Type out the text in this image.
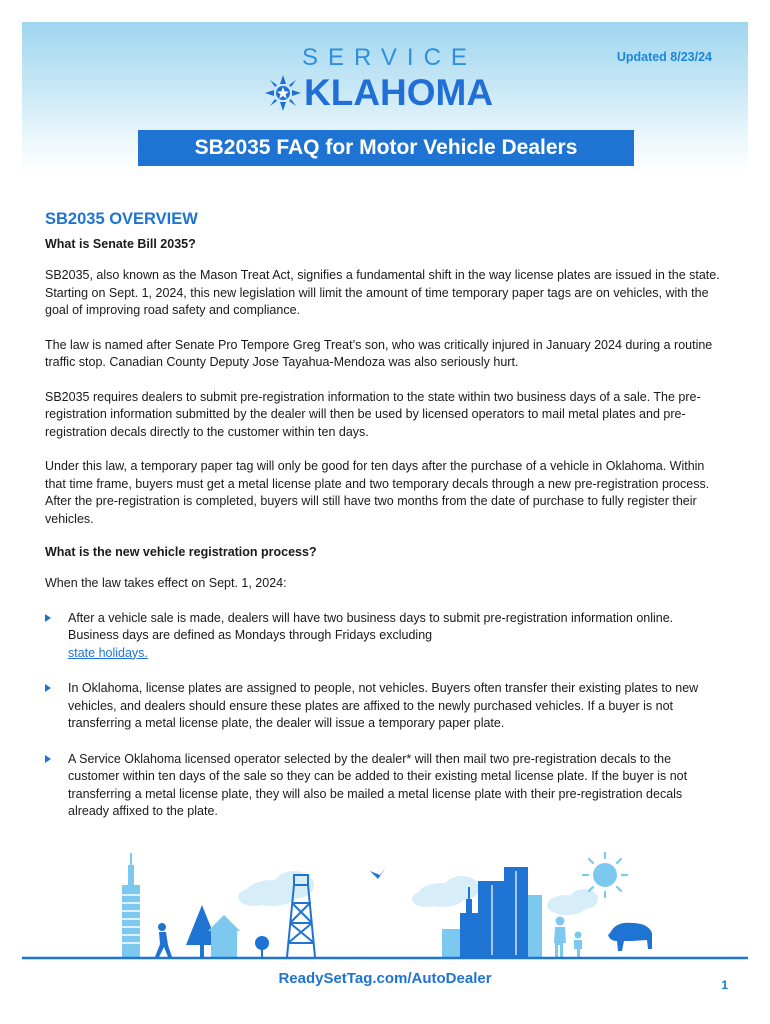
Updated 8/23/24
SERVICE
KLAHOMA
SB2035 FAQ for Motor Vehicle Dealers
SB2035 OVERVIEW
What is Senate Bill 2035?

SB2035, also known as the Mason Treat Act, signifies a fundamental shift in the way license plates are issued in the state. Starting on Sept. 1, 2024, this new legislation will limit the amount of time temporary paper tags are on vehicles, with the goal of improving road safety and compliance.

The law is named after Senate Pro Tempore Greg Treat’s son, who was critically injured in January 2024 during a routine traffic stop. Canadian County Deputy Jose Tayahua-Mendoza was also seriously hurt.

SB2035 requires dealers to submit pre-registration information to the state within two business days of a sale. The pre-registration information submitted by the dealer will then be used by licensed operators to mail metal plates and pre-registration decals directly to the customer within ten days.

Under this law, a temporary paper tag will only be good for ten days after the purchase of a vehicle in Oklahoma. Within that time frame, buyers must get a metal license plate and two temporary decals through a new pre-registration process. After the pre-registration is completed, buyers will still have two months from the date of purchase to fully register their vehicles.

What is the new vehicle registration process?

When the law takes effect on Sept. 1, 2024:

After a vehicle sale is made, dealers will have two business days to submit pre-registration information online. Business days are defined as Mondays through Fridays excluding
state holidays.
In Oklahoma, license plates are assigned to people, not vehicles. Buyers often transfer their existing plates to new vehicles, and dealers should ensure these plates are affixed to the newly purchased vehicles. If a buyer is not transferring a metal license plate, the dealer will issue a temporary paper plate.
A Service Oklahoma licensed operator selected by the dealer* will then mail two pre-registration decals to the customer within ten days of the sale so they can be added to their existing metal license plate. If the buyer is not transferring a metal license plate, they will also be mailed a metal license plate with their pre-registration decals already affixed to the plate.
ReadySetTag.com/AutoDealer	1
